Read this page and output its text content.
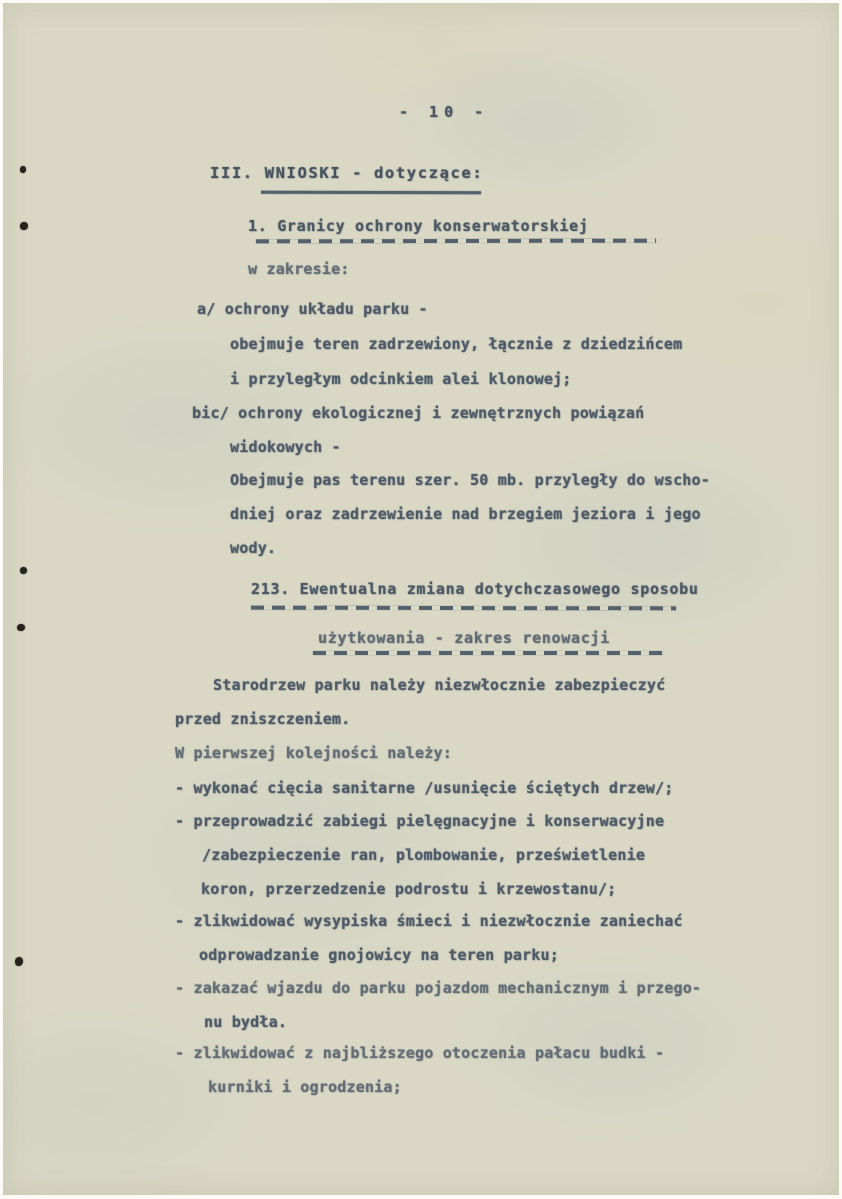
- 10 -
III. WNIOSKI - dotyczące:
1. Granicy ochrony konserwatorskiej
w zakresie:
a/ ochrony układu parku -
obejmuje teren zadrzewiony, łącznie z dziedzińcem
i przyległym odcinkiem alei klonowej;
bic/ ochrony ekologicznej i zewnętrznych powiązań
widokowych -
Obejmuje pas terenu szer. 50 mb. przyległy do wscho-
dniej oraz zadrzewienie nad brzegiem jeziora i jego
wody.
213. Ewentualna zmiana dotychczasowego sposobu
użytkowania - zakres renowacji
Starodrzew parku należy niezwłocznie zabezpieczyć
przed zniszczeniem.
W pierwszej kolejności należy:
- wykonać cięcia sanitarne /usunięcie ściętych drzew/;
- przeprowadzić zabiegi pielęgnacyjne i konserwacyjne
/zabezpieczenie ran, plombowanie, prześwietlenie
koron, przerzedzenie podrostu i krzewostanu/;
- zlikwidować wysypiska śmieci i niezwłocznie zaniechać
odprowadzanie gnojowicy na teren parku;
- zakazać wjazdu do parku pojazdom mechanicznym i przego-
nu bydła.
- zlikwidować z najbliższego otoczenia pałacu budki -
kurniki i ogrodzenia;
